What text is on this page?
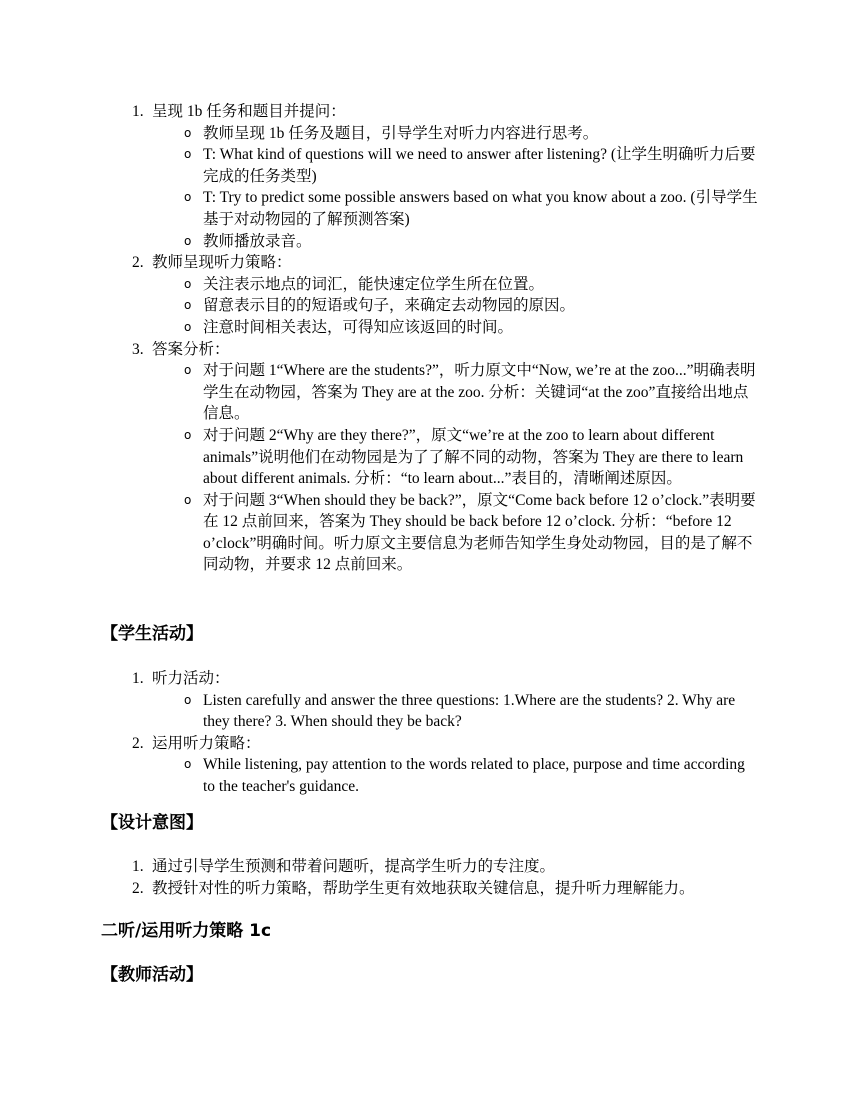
1. 呈现 1b 任务和题目并提问：
o 教师呈现 1b 任务及题目，引导学生对听力内容进行思考。
o T: What kind of questions will we need to answer after listening? (让学生明确听力后要完成的任务类型)
o T: Try to predict some possible answers based on what you know about a zoo. (引导学生基于对动物园的了解预测答案)
o 教师播放录音。
2. 教师呈现听力策略：
o 关注表示地点的词汇，能快速定位学生所在位置。
o 留意表示目的的短语或句子，来确定去动物园的原因。
o 注意时间相关表达，可得知应该返回的时间。
3. 答案分析：
o 对于问题 1“Where are the students?”，听力原文中“Now, we’re at the zoo...”明确表明学生在动物园，答案为 They are at the zoo. 分析：关键词“at the zoo”直接给出地点信息。
o 对于问题 2“Why are they there?”，原文“we’re at the zoo to learn about different animals”说明他们在动物园是为了了解不同的动物，答案为 They are there to learn about different animals. 分析：“to learn about...”表目的，清晰阐述原因。
o 对于问题 3“When should they be back?”，原文“Come back before 12 o’clock.”表明要在 12 点前回来，答案为 They should be back before 12 o’clock. 分析：“before 12 o’clock”明确时间。听力原文主要信息为老师告知学生身处动物园，目的是了解不同动物，并要求 12 点前回来。
【学生活动】
1. 听力活动：
o Listen carefully and answer the three questions: 1.Where are the students? 2. Why are they there? 3. When should they be back?
2. 运用听力策略：
o While listening, pay attention to the words related to place, purpose and time according to the teacher's guidance.
【设计意图】
1. 通过引导学生预测和带着问题听，提高学生听力的专注度。
2. 教授针对性的听力策略，帮助学生更有效地获取关键信息，提升听力理解能力。
二听/运用听力策略 1c
【教师活动】
